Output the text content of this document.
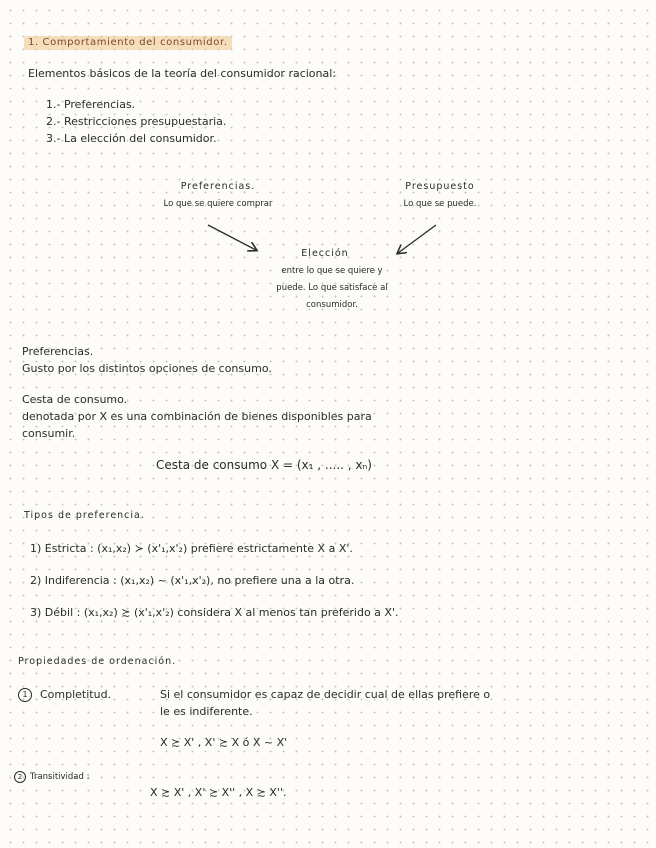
1. Comportamiento del consumidor.
Elementos básicos de la teoría del consumidor racional:
1.- Preferencias.
2.- Restricciones presupuestaria.
3.- La elección del consumidor.
Preferencias.
Lo que se quiere comprar
Presupuesto
Lo que se puede.
Elección
entre lo que se quiere y
puede. Lo que satisface al
consumidor.
Preferencias.
Gusto por los distintos opciones de consumo.
Cesta de consumo.
denotada por X es una combinación de bienes disponibles para
consumir.
Cesta de consumo X = (x₁ , ..... , xₙ)
Tipos de preferencia.
1) Estricta : (x₁,x₂) ≻ (x'₁,x'₂) prefiere estrictamente X a X'.
2) Indiferencia : (x₁,x₂) ~ (x'₁,x'₂), no prefiere una a la otra.
3) Débil : (x₁,x₂) ≿ (x'₁,x'₂) considera X al menos tan preferido a X'.
Propiedades de ordenación.
1 Completitud.	Si el consumidor es capaz de decidir cual de ellas prefiere o
le es indiferente.
X ≿ X' , X' ≿ X ó X ~ X'
2 Transitividad :
X ≿ X' , X' ≿ X'' , X ≿ X''.
